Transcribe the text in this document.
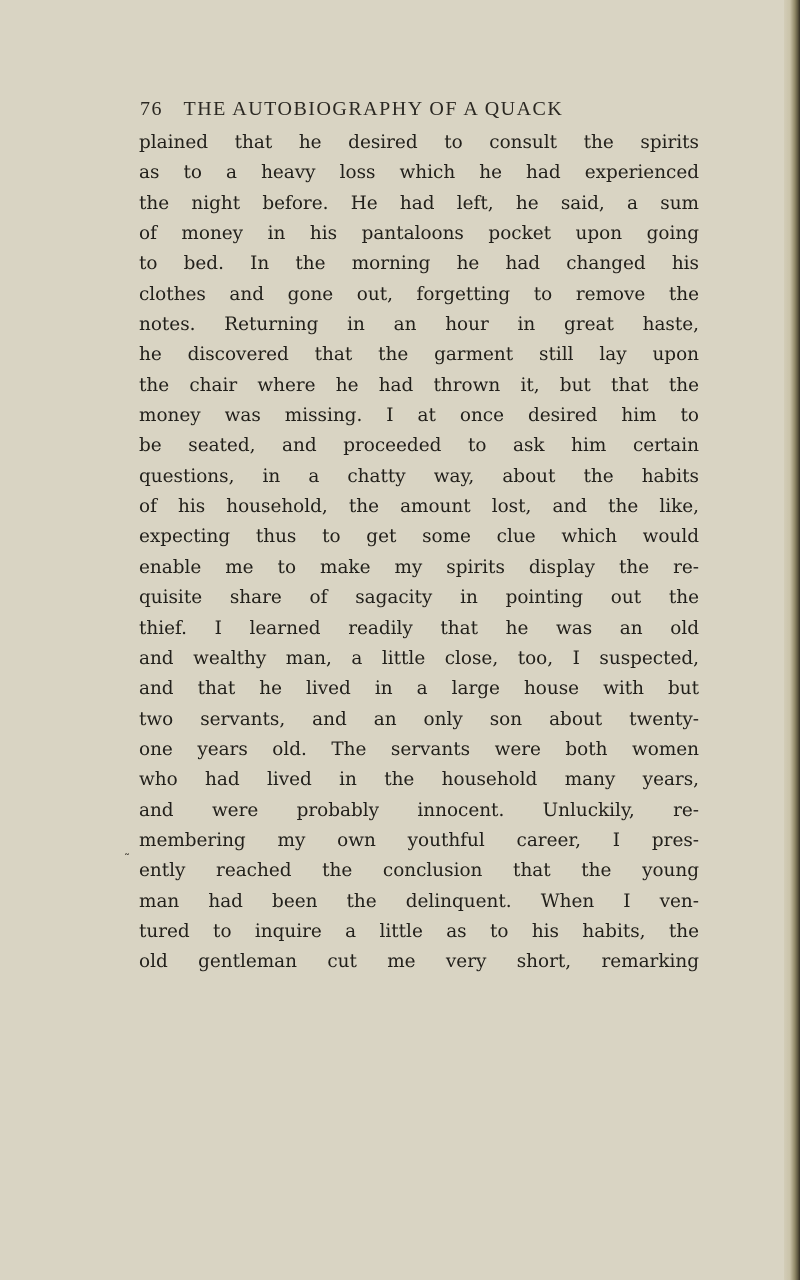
76 THE AUTOBIOGRAPHY OF A QUACK
plained that he desired to consult the spirits
as to a heavy loss which he had experienced
the night before. He had left, he said, a sum
of money in his pantaloons pocket upon going
to bed. In the morning he had changed his
clothes and gone out, forgetting to remove the
notes. Returning in an hour in great haste,
he discovered that the garment still lay upon
the chair where he had thrown it, but that the
money was missing. I at once desired him to
be seated, and proceeded to ask him certain
questions, in a chatty way, about the habits
of his household, the amount lost, and the like,
expecting thus to get some clue which would
enable me to make my spirits display the re-
quisite share of sagacity in pointing out the
thief. I learned readily that he was an old
and wealthy man, a little close, too, I suspected,
and that he lived in a large house with but
two servants, and an only son about twenty-
one years old. The servants were both women
who had lived in the household many years,
and were probably innocent. Unluckily, re-
membering my own youthful career, I pres-
ently reached the conclusion that the young
man had been the delinquent. When I ven-
tured to inquire a little as to his habits, the
old gentleman cut me very short, remarking
˜
